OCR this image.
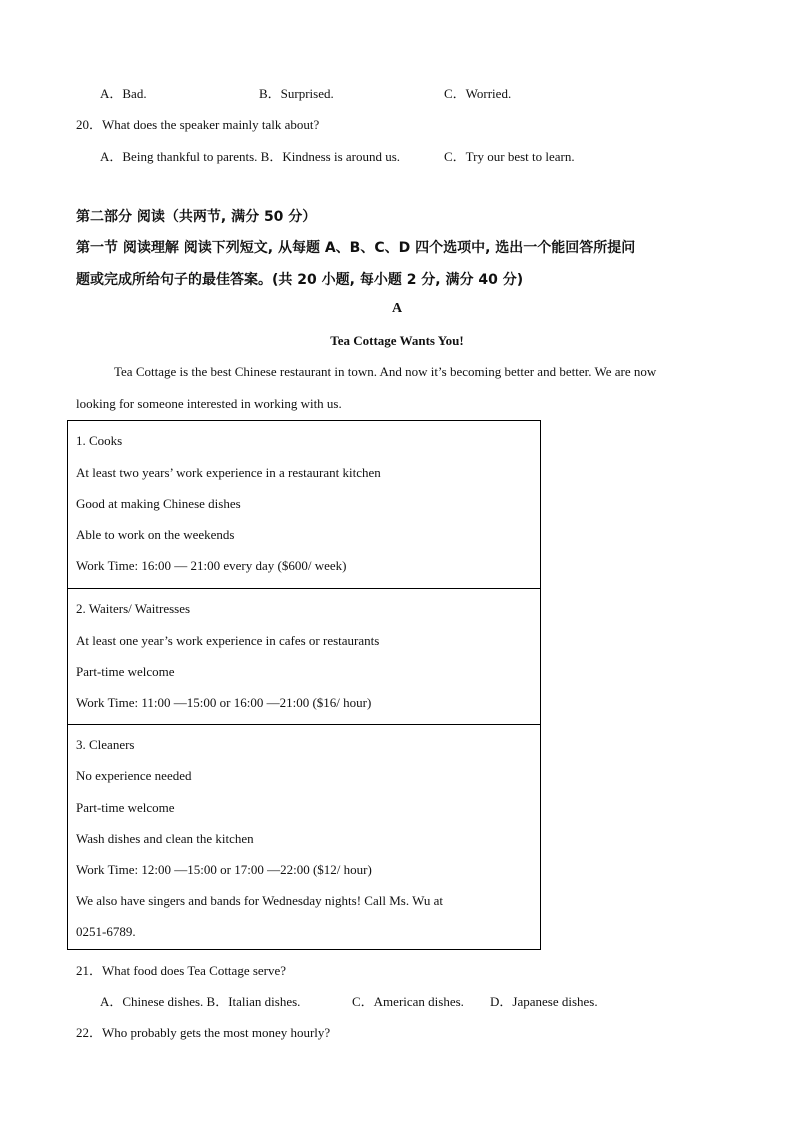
A．Bad.	B．Surprised.	C．Worried.
20．What does the speaker mainly talk about?
A．Being thankful to parents. B．Kindness is around us.	C．Try our best to learn.
第二部分 阅读（共两节, 满分 50 分）
第一节 阅读理解 阅读下列短文, 从每题 A、B、C、D 四个选项中, 选出一个能回答所提问
题或完成所给句子的最佳答案。(共 20 小题, 每小题 2 分, 满分 40 分)
A
Tea Cottage Wants You!
Tea Cottage is the best Chinese restaurant in town. And now it’s becoming better and better. We are now
looking for someone interested in working with us.
1. Cooks
At least two years’ work experience in a restaurant kitchen
Good at making Chinese dishes
Able to work on the weekends
Work Time: 16:00 — 21:00 every day ($600/ week)
2. Waiters/ Waitresses
At least one year’s work experience in cafes or restaurants
Part-time welcome
Work Time: 11:00 —15:00 or 16:00 —21:00 ($16/ hour)
3. Cleaners
No experience needed
Part-time welcome
Wash dishes and clean the kitchen
Work Time: 12:00 —15:00 or 17:00 —22:00 ($12/ hour)
We also have singers and bands for Wednesday nights! Call Ms. Wu at
0251-6789.
21．What food does Tea Cottage serve?
A．Chinese dishes. B．Italian dishes.	C．American dishes. D．Japanese dishes.
22．Who probably gets the most money hourly?
